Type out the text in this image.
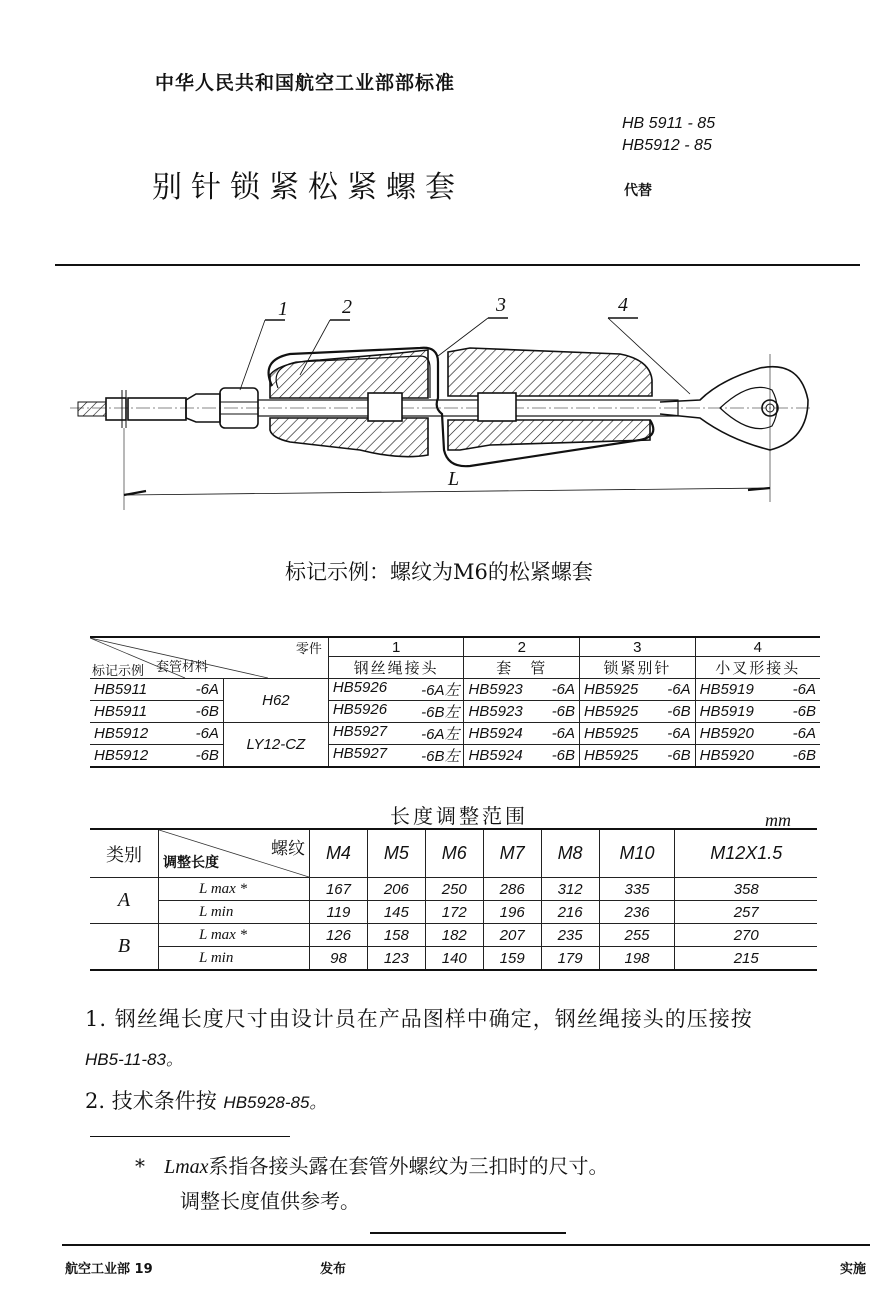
中华人民共和国航空工业部部标准
别针锁紧松紧螺套
HB 5911 - 85
HB5912 - 85
代替
1	2	3	4
L
标记示例：螺纹为M6的松紧螺套
零件
套管材料
标记示例		1	2	3	4
		钢丝绳接头	套　管	锁紧别针	小叉形接头

HB5911 -6A	H62	HB5926 -6A左	HB5923 -6A	HB5925 -6A	HB5919 -6A

HB5911 -6B		HB5926 -6B左	HB5923 -6B	HB5925 -6B	HB5919 -6B

HB5912 -6A	LY12-CZ	HB5927 -6A左	HB5924 -6A	HB5925 -6A	HB5920 -6A

HB5912 -6B		HB5927 -6B左	HB5924 -6B	HB5925 -6B	HB5920 -6B
长度调整范围	mm
类别	螺纹
调整长度	M4	M5	M6	M7	M8	M10	M12X1.5
A	L max *	167	206	250	286	312	335	358
	L min	119	145	172	196	216	236	257
B	L max *	126	158	182	207	235	255	270
	L min	98	123	140	159	179	198	215
1. 钢丝绳长度尺寸由设计员在产品图样中确定，钢丝绳接头的压接按
HB5-11-83。
2. 技术条件按 HB5928-85。
* Lmax系指各接头露在套管外螺纹为三扣时的尺寸。
调整长度值供参考。
航空工业部 19	发布	实施
